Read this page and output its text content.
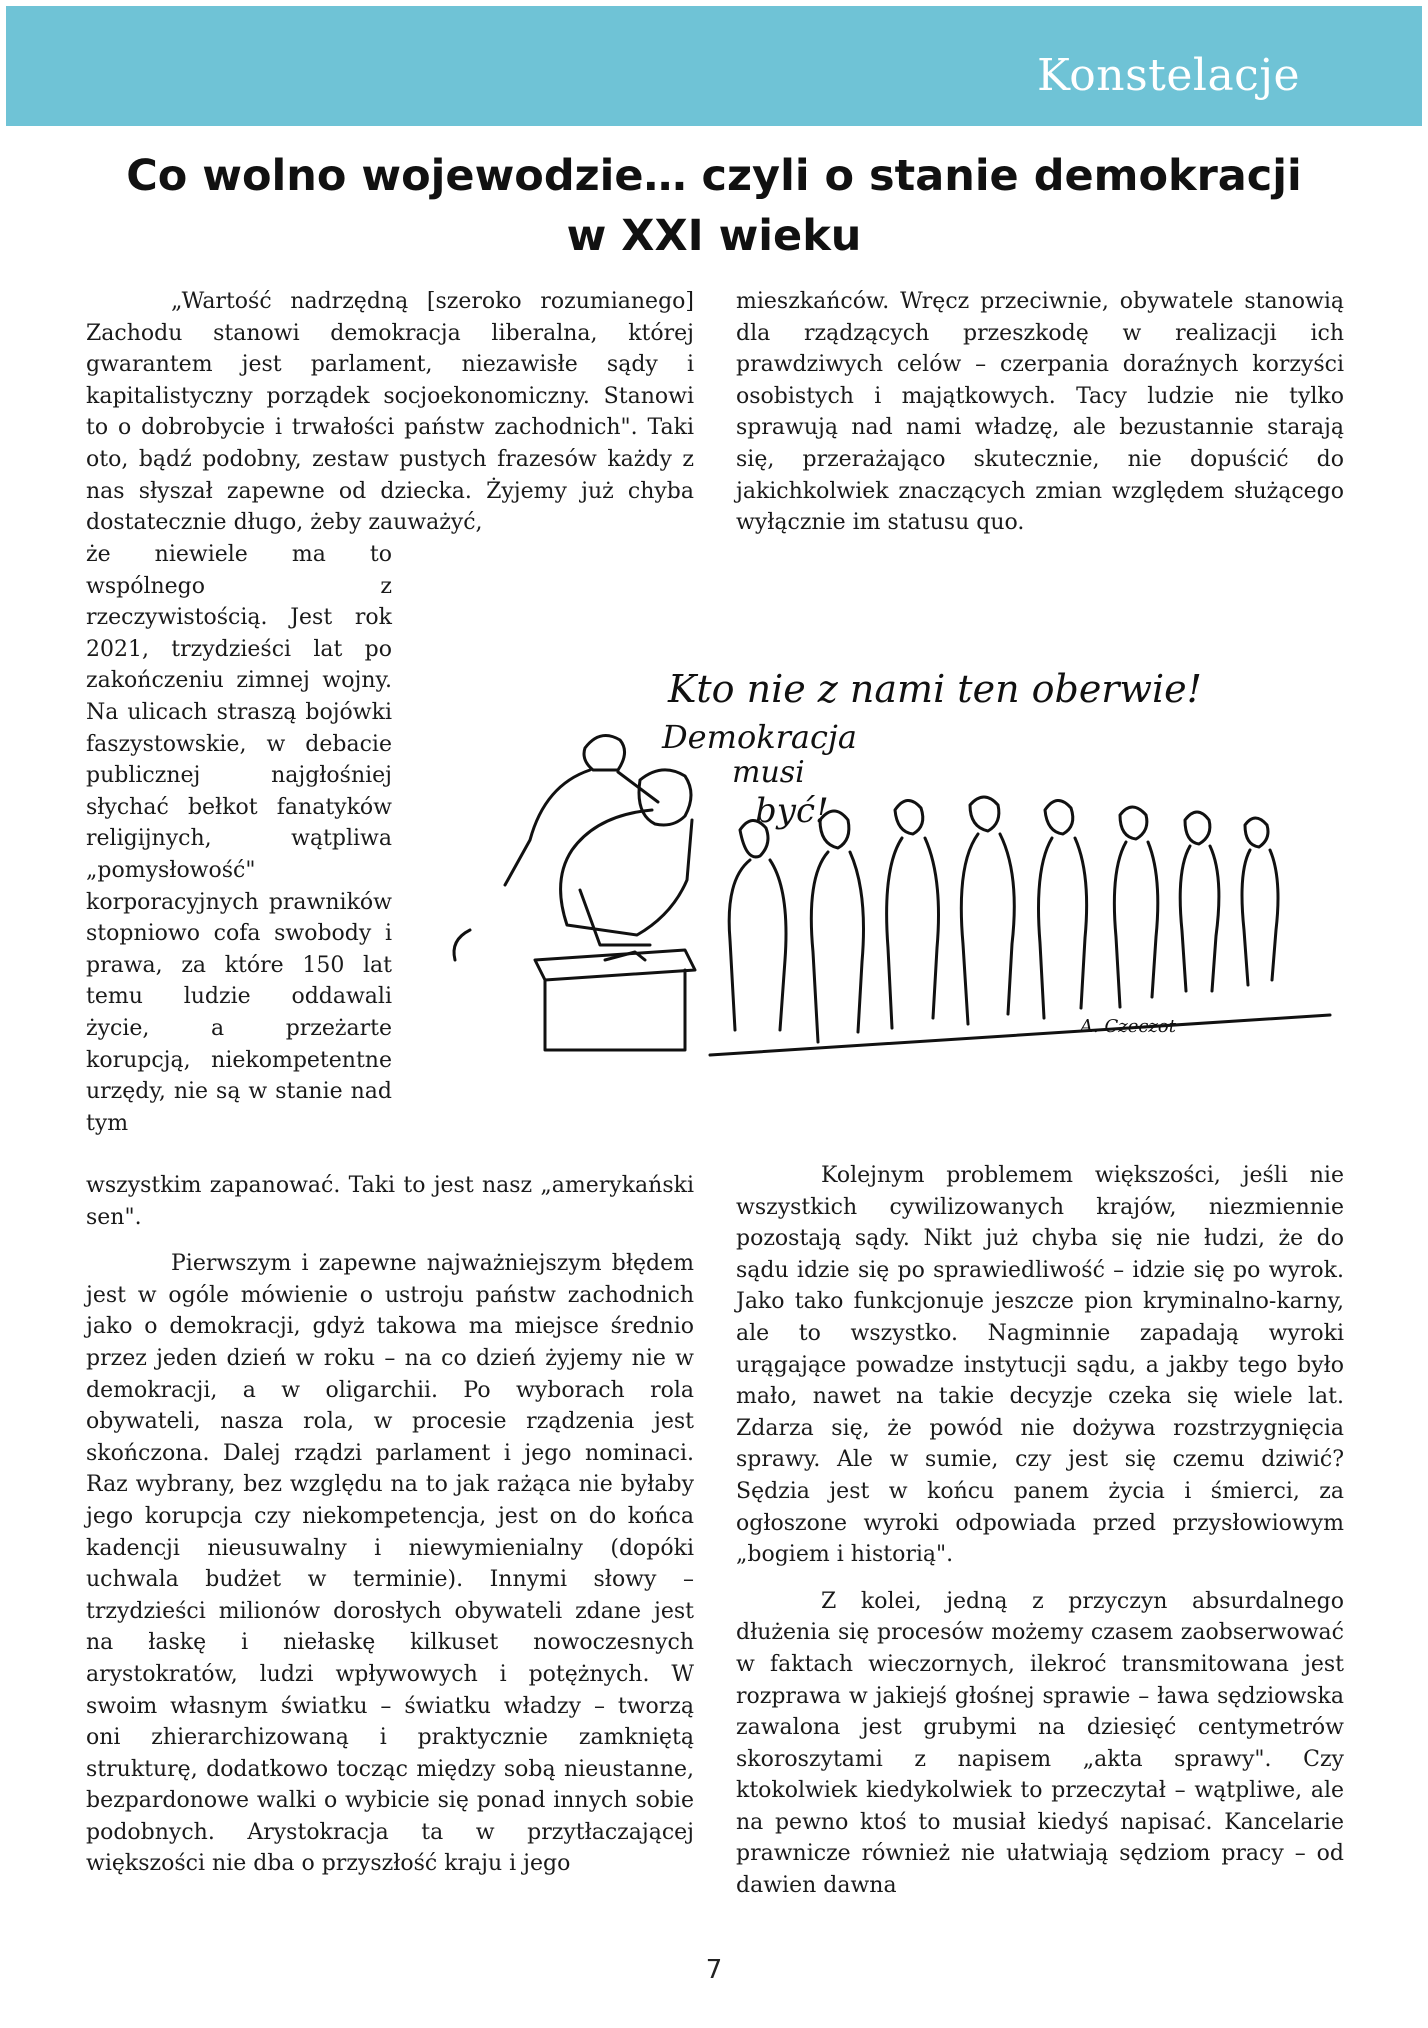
Konstelacje
Co wolno wojewodzie… czyli o stanie demokracji w XXI wieku

„Wartość nadrzędną [szeroko rozumianego] Zachodu stanowi demokracja liberalna, której gwarantem jest parlament, niezawisłe sądy i kapitalistyczny porządek socjoekonomiczny. Stanowi to o dobrobycie i trwałości państw zachodnich". Taki oto, bądź podobny, zestaw pustych frazesów każdy z nas słyszał zapewne od dziecka. Żyjemy już chyba dostatecznie długo, żeby zauważyć,

że niewiele ma to wspólnego z rzeczywistością. Jest rok 2021, trzydzieści lat po zakończeniu zimnej wojny. Na ulicach straszą bojówki faszystowskie, w debacie publicznej najgłośniej słychać bełkot fanatyków religijnych, wątpliwa „pomysłowość" korporacyjnych prawników stopniowo cofa swobody i prawa, za które 150 lat temu ludzie oddawali życie, a przeżarte korupcją, niekompetentne urzędy, nie są w stanie nad tym

wszystkim zapanować. Taki to jest nasz „amerykański sen".

Pierwszym i zapewne najważniejszym błędem jest w ogóle mówienie o ustroju państw zachodnich jako o demokracji, gdyż takowa ma miejsce średnio przez jeden dzień w roku – na co dzień żyjemy nie w demokracji, a w oligarchii. Po wyborach rola obywateli, nasza rola, w procesie rządzenia jest skończona. Dalej rządzi parlament i jego nominaci. Raz wybrany, bez względu na to jak rażąca nie byłaby jego korupcja czy niekompetencja, jest on do końca kadencji nieusuwalny i niewymienialny (dopóki uchwala budżet w terminie). Innymi słowy – trzydzieści milionów dorosłych obywateli zdane jest na łaskę i niełaskę kilkuset nowoczesnych arystokratów, ludzi wpływowych i potężnych. W swoim własnym światku – światku władzy – tworzą oni zhierarchizowaną i praktycznie zamkniętą strukturę, dodatkowo tocząc między sobą nieustanne, bezpardonowe walki o wybicie się ponad innych sobie podobnych. Arystokracja ta w przytłaczającej większości nie dba o przyszłość kraju i jego

mieszkańców. Wręcz przeciwnie, obywatele stanowią dla rządzących przeszkodę w realizacji ich prawdziwych celów – czerpania doraźnych korzyści osobistych i majątkowych. Tacy ludzie nie tylko sprawują nad nami władzę, ale bezustannie starają się, przerażająco skutecznie, nie dopuścić do jakichkolwiek znaczących zmian względem służącego wyłącznie im statusu quo.

Kto nie z nami ten oberwie!
Demokracja
musi
być!
A. Czeczot

Kolejnym problemem większości, jeśli nie wszystkich cywilizowanych krajów, niezmiennie pozostają sądy. Nikt już chyba się nie łudzi, że do sądu idzie się po sprawiedliwość – idzie się po wyrok. Jako tako funkcjonuje jeszcze pion kryminalno-karny, ale to wszystko. Nagminnie zapadają wyroki urągające powadze instytucji sądu, a jakby tego było mało, nawet na takie decyzje czeka się wiele lat. Zdarza się, że powód nie dożywa rozstrzygnięcia sprawy. Ale w sumie, czy jest się czemu dziwić? Sędzia jest w końcu panem życia i śmierci, za ogłoszone wyroki odpowiada przed przysłowiowym „bogiem i historią".

Z kolei, jedną z przyczyn absurdalnego dłużenia się procesów możemy czasem zaobserwować w faktach wieczornych, ilekroć transmitowana jest rozprawa w jakiejś głośnej sprawie – ława sędziowska zawalona jest grubymi na dziesięć centymetrów skoroszytami z napisem „akta sprawy". Czy ktokolwiek kiedykolwiek to przeczytał – wątpliwe, ale na pewno ktoś to musiał kiedyś napisać. Kancelarie prawnicze również nie ułatwiają sędziom pracy – od dawien dawna

7
